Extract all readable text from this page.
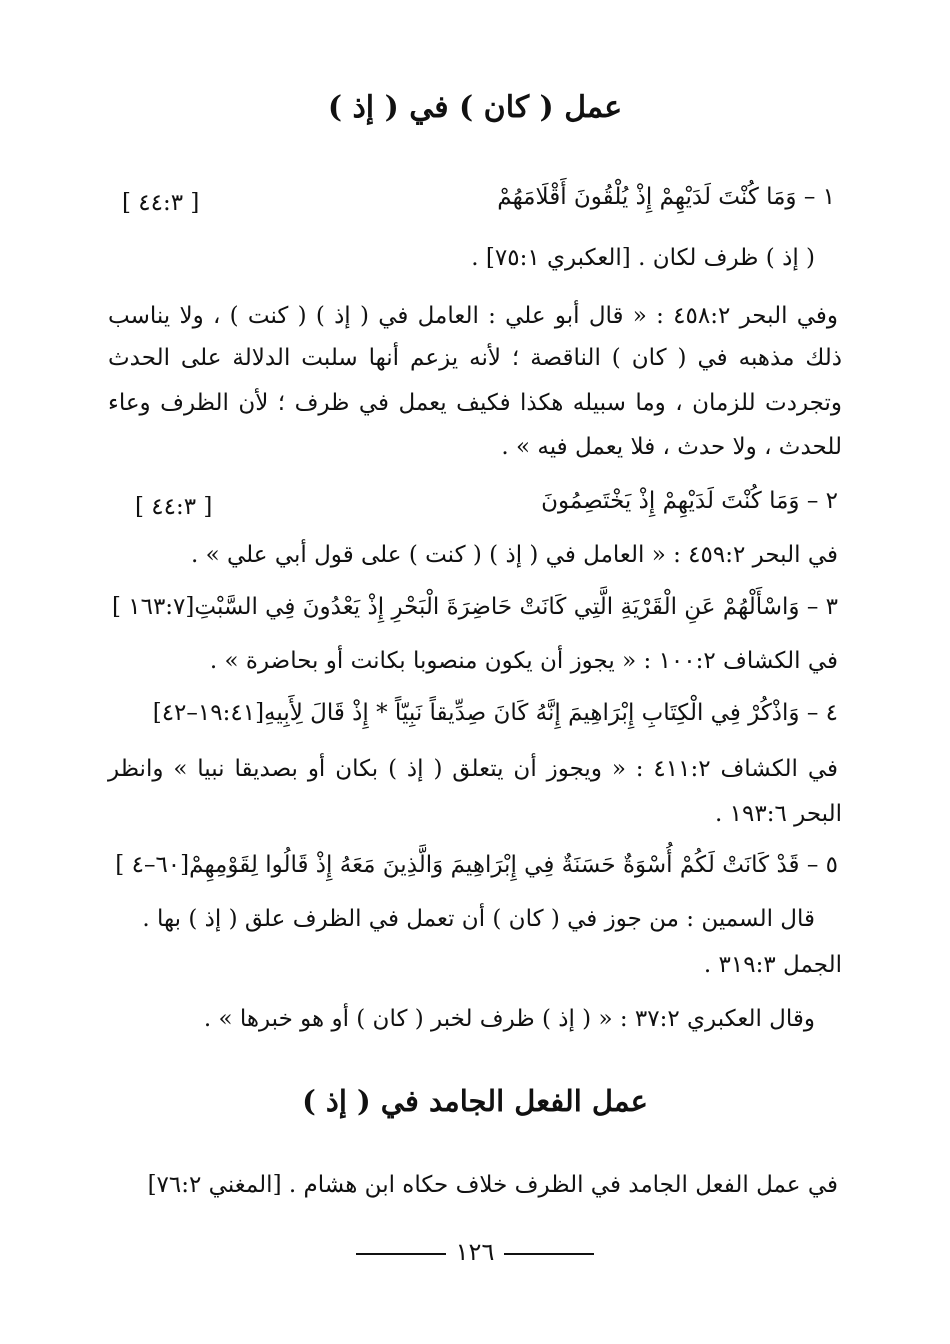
عمل ( كان ) في ( إذ )
١ – وَمَا كُنْتَ لَدَيْهِمْ إِذْ يُلْقُونَ أَقْلَامَهُمْ
[ ٤٤:٣ ]
( إذ ) ظرف لكان . [العكبري ٧٥:١] .
وفي البحر ٤٥٨:٢ : « قال أبو علي : العامل في ( إذ ) ( كنت ) ، ولا يناسب
ذلك مذهبه في ( كان ) الناقصة ؛ لأنه يزعم أنها سلبت الدلالة على الحدث
وتجردت للزمان ، وما سبيله هكذا فكيف يعمل في ظرف ؛ لأن الظرف وعاء
للحدث ، ولا حدث ، فلا يعمل فيه » .
٢ – وَمَا كُنْتَ لَدَيْهِمْ إِذْ يَخْتَصِمُونَ
[ ٤٤:٣ ]
في البحر ٤٥٩:٢ : « العامل في ( إذ ) ( كنت ) على قول أبي علي » .
٣ – وَاسْأَلْهُمْ عَنِ الْقَرْيَةِ الَّتِي كَانَتْ حَاضِرَةَ الْبَحْرِ إِذْ يَعْدُونَ فِي السَّبْتِ[١٦٣:٧ ]
في الكشاف ١٠٠:٢ : « يجوز أن يكون منصوبا بكانت أو بحاضرة » .
٤ – وَاذْكُرْ فِي الْكِتَابِ إِبْرَاهِيمَ إِنَّهُ كَانَ صِدِّيقاً نَبِيّاً * إِذْ قَالَ لِأَبِيهِ[١٩:٤١–٤٢]
في الكشاف ٤١١:٢ : « ويجوز أن يتعلق ( إذ ) بكان أو بصديقا نبيا » وانظر
البحر ١٩٣:٦ .
٥ – قَدْ كَانَتْ لَكُمْ أُسْوَةٌ حَسَنَةٌ فِي إِبْرَاهِيمَ وَالَّذِينَ مَعَهُ إِذْ قَالُوا لِقَوْمِهِمْ[٦٠–٤ ]
قال السمين : من جوز في ( كان ) أن تعمل في الظرف علق ( إذ ) بها .
الجمل ٣١٩:٣ .
وقال العكبري ٣٧:٢ : « ( إذ ) ظرف لخبر ( كان ) أو هو خبرها » .
عمل الفعل الجامد في ( إذ )
في عمل الفعل الجامد في الظرف خلاف حكاه ابن هشام . [المغني ٧٦:٢]
١٢٦
